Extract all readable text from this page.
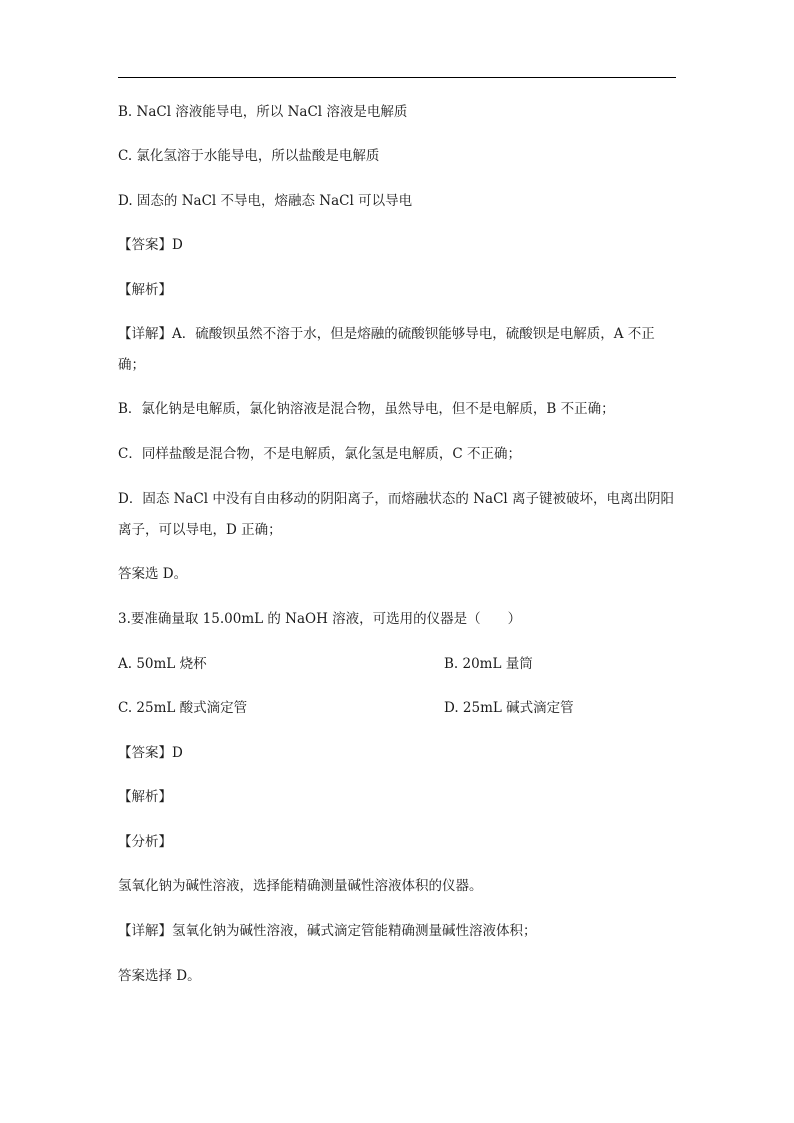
B. NaCl 溶液能导电，所以 NaCl 溶液是电解质
C. 氯化氢溶于水能导电，所以盐酸是电解质
D. 固态的 NaCl 不导电，熔融态 NaCl 可以导电
【答案】D
【解析】
【详解】A．硫酸钡虽然不溶于水，但是熔融的硫酸钡能够导电，硫酸钡是电解质，A 不正
确；
B．氯化钠是电解质，氯化钠溶液是混合物，虽然导电，但不是电解质，B 不正确；
C．同样盐酸是混合物，不是电解质，氯化氢是电解质，C 不正确；
D．固态 NaCl 中没有自由移动的阴阳离子，而熔融状态的 NaCl 离子键被破坏，电离出阴阳
离子，可以导电，D 正确；
答案选 D。
3.要准确量取 15.00mL 的 NaOH 溶液，可选用的仪器是（　　）
A. 50mL 烧杯	B. 20mL 量筒
C. 25mL 酸式滴定管	D. 25mL 碱式滴定管
【答案】D
【解析】
【分析】
氢氧化钠为碱性溶液，选择能精确测量碱性溶液体积的仪器。
【详解】氢氧化钠为碱性溶液，碱式滴定管能精确测量碱性溶液体积；
答案选择 D。
